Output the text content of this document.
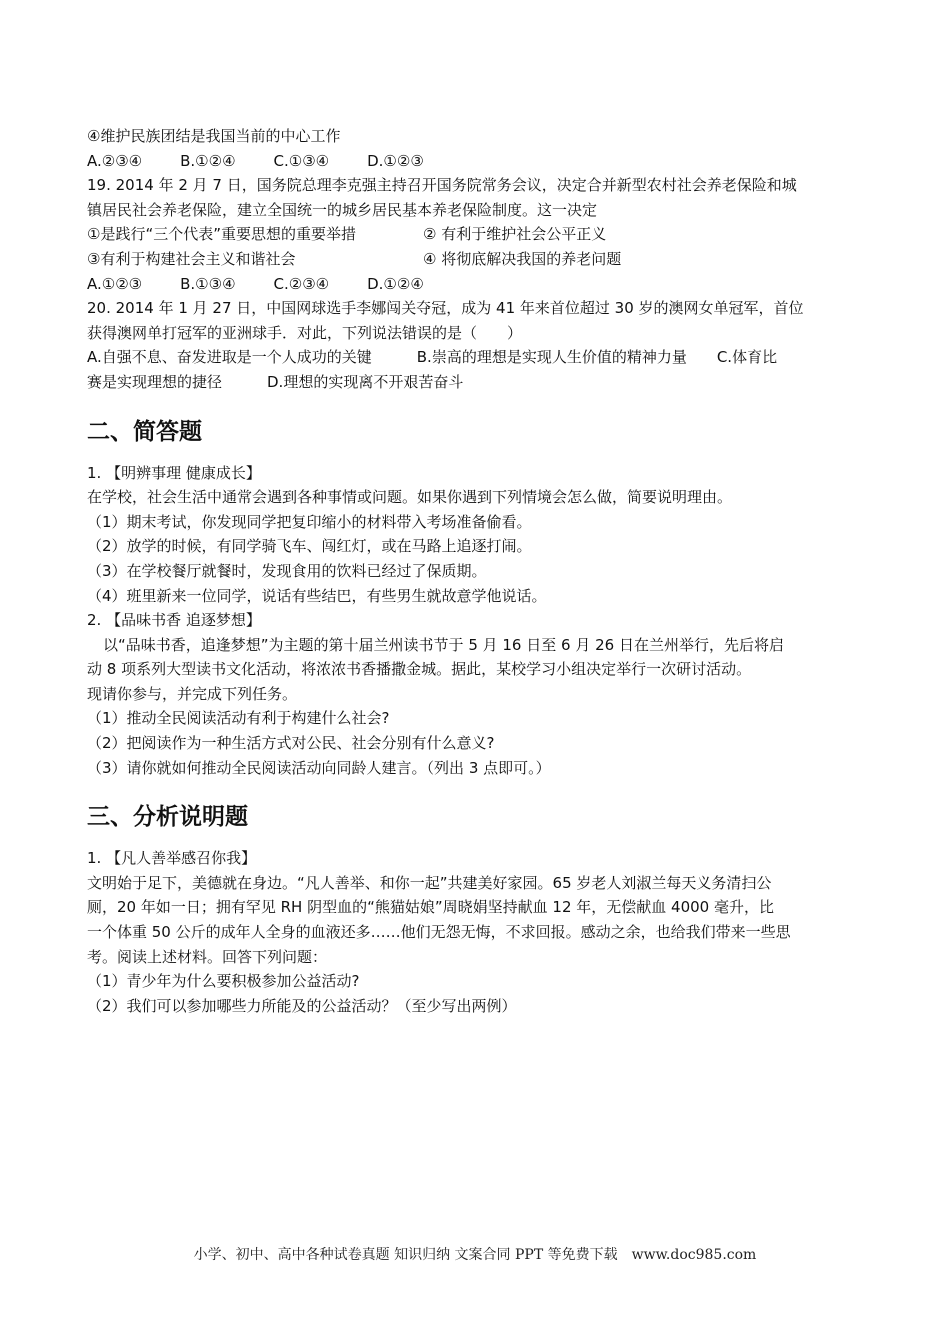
④维护民族团结是我国当前的中心工作
A.②③④	B.①②④	C.①③④	D.①②③
19. 2014 年 2 月 7 日，国务院总理李克强主持召开国务院常务会议，决定合并新型农村社会养老保险和城
镇居民社会养老保险，建立全国统一的城乡居民基本养老保险制度。这一决定
①是践行“三个代表”重要思想的重要举措	② 有利于维护社会公平正义
③有利于构建社会主义和谐社会	④ 将彻底解决我国的养老问题
A.①②③	B.①③④	C.②③④	D.①②④
20. 2014 年 1 月 27 日，中国网球选手李娜闯关夺冠，成为 41 年来首位超过 30 岁的澳网女单冠军，首位
获得澳网单打冠军的亚洲球手．对此，下列说法错误的是（　　）
A.自强不息、奋发进取是一个人成功的关键　　　B.崇高的理想是实现人生价值的精神力量　　C.体育比
赛是实现理想的捷径　　　D.理想的实现离不开艰苦奋斗
二、简答题
1. 【明辨事理 健康成长】
在学校，社会生活中通常会遇到各种事情或问题。如果你遇到下列情境会怎么做，简要说明理由。
（1）期末考试，你发现同学把复印缩小的材料带入考场准备偷看。
（2）放学的时候，有同学骑飞车、闯红灯，或在马路上追逐打闹。
（3）在学校餐厅就餐时，发现食用的饮料已经过了保质期。
（4）班里新来一位同学，说话有些结巴，有些男生就故意学他说话。
2. 【品味书香 追逐梦想】
以“品味书香，追逢梦想”为主题的第十届兰州读书节于 5 月 16 日至 6 月 26 日在兰州举行，先后将启
动 8 项系列大型读书文化活动，将浓浓书香播撒金城。据此，某校学习小组决定举行一次研讨活动。
现请你参与，并完成下列任务。
（1）推动全民阅读活动有利于构建什么社会?
（2）把阅读作为一种生活方式对公民、社会分别有什么意义?
（3）请你就如何推动全民阅读活动向同龄人建言。（列出 3 点即可。）
三、分析说明题
1. 【凡人善举感召你我】
文明始于足下，美德就在身边。“凡人善举、和你一起”共建美好家园。65 岁老人刘淑兰每天义务清扫公
厕，20 年如一日；拥有罕见 RH 阴型血的“熊猫姑娘”周晓娟坚持献血 12 年，无偿献血 4000 毫升，比
一个体重 50 公斤的成年人全身的血液还多……他们无怨无悔，不求回报。感动之余，也给我们带来一些思
考。阅读上述材料。回答下列问题：
（1）青少年为什么要积极参加公益活动?
（2）我们可以参加哪些力所能及的公益活动？（至少写出两例）
小学、初中、高中各种试卷真题 知识归纳 文案合同 PPT 等免费下载　www.doc985.com
